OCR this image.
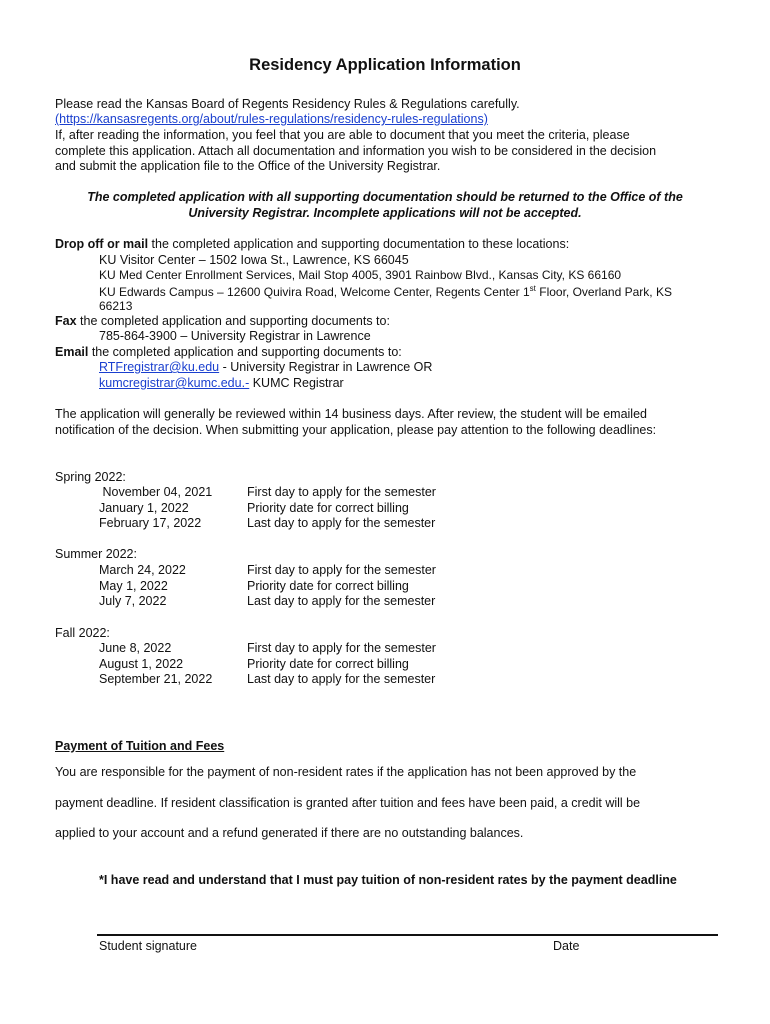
Residency Application Information
Please read the Kansas Board of Regents Residency Rules & Regulations carefully.
(https://kansasregents.org/about/rules-regulations/residency-rules-regulations)
If, after reading the information, you feel that you are able to document that you meet the criteria, please
complete this application. Attach all documentation and information you wish to be considered in the decision
and submit the application file to the Office of the University Registrar.
The completed application with all supporting documentation should be returned to the Office of the
University Registrar. Incomplete applications will not be accepted.
Drop off or mail the completed application and supporting documentation to these locations:
KU Visitor Center – 1502 Iowa St., Lawrence, KS 66045
KU Med Center Enrollment Services, Mail Stop 4005, 3901 Rainbow Blvd., Kansas City, KS 66160
KU Edwards Campus – 12600 Quivira Road, Welcome Center, Regents Center 1st Floor, Overland Park, KS
66213
Fax the completed application and supporting documents to:
785-864-3900 – University Registrar in Lawrence
Email the completed application and supporting documents to:
RTFregistrar@ku.edu - University Registrar in Lawrence OR
kumcregistrar@kumc.edu.- KUMC Registrar
The application will generally be reviewed within 14 business days. After review, the student will be emailed
notification of the decision. When submitting your application, please pay attention to the following deadlines:
Spring 2022:
November 04, 2021	First day to apply for the semester
January 1, 2022	Priority date for correct billing
February 17, 2022	Last day to apply for the semester
Summer 2022:
March 24, 2022	First day to apply for the semester
May 1, 2022	Priority date for correct billing
July 7, 2022	Last day to apply for the semester
Fall 2022:
June 8, 2022	First day to apply for the semester
August 1, 2022	Priority date for correct billing
September 21, 2022	Last day to apply for the semester
Payment of Tuition and Fees
You are responsible for the payment of non-resident rates if the application has not been approved by the
payment deadline. If resident classification is granted after tuition and fees have been paid, a credit will be
applied to your account and a refund generated if there are no outstanding balances.
*I have read and understand that I must pay tuition of non-resident rates by the payment deadline
Student signature	Date
